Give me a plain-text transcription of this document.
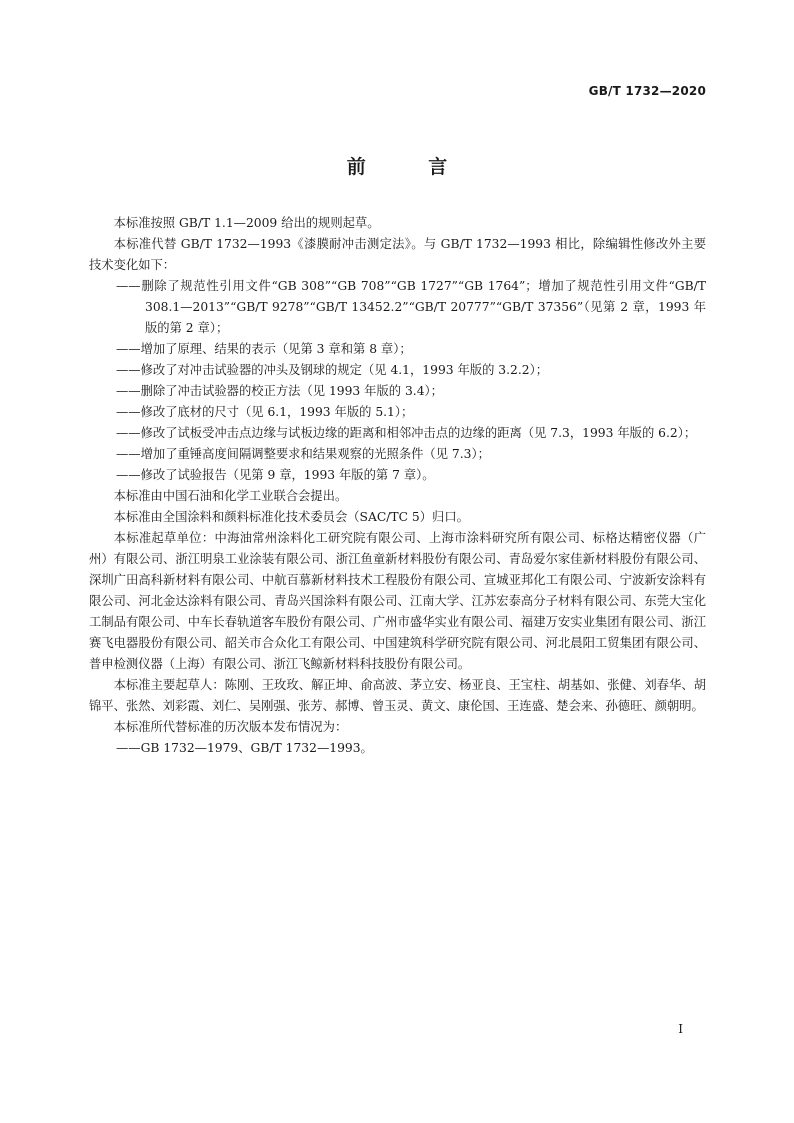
GB/T 1732—2020
前 言

本标准按照 GB/T 1.1—2009 给出的规则起草。

本标准代替 GB/T 1732—1993《漆膜耐冲击测定法》。与 GB/T 1732—1993 相比，除编辑性修改外主要技术变化如下：

——删除了规范性引用文件“GB 308”“GB 708”“GB 1727”“GB 1764”；增加了规范性引用文件“GB/T 308.1—2013”“GB/T 9278”“GB/T 13452.2”“GB/T 20777”“GB/T 37356”（见第 2 章，1993 年版的第 2 章）；

——增加了原理、结果的表示（见第 3 章和第 8 章）；

——修改了对冲击试验器的冲头及钢球的规定（见 4.1，1993 年版的 3.2.2）；

——删除了冲击试验器的校正方法（见 1993 年版的 3.4）；

——修改了底材的尺寸（见 6.1，1993 年版的 5.1）；

——修改了试板受冲击点边缘与试板边缘的距离和相邻冲击点的边缘的距离（见 7.3，1993 年版的 6.2）；

——增加了重锤高度间隔调整要求和结果观察的光照条件（见 7.3）；

——修改了试验报告（见第 9 章，1993 年版的第 7 章）。

本标准由中国石油和化学工业联合会提出。

本标准由全国涂料和颜料标准化技术委员会（SAC/TC 5）归口。

本标准起草单位：中海油常州涂料化工研究院有限公司、上海市涂料研究所有限公司、标格达精密仪器（广州）有限公司、浙江明泉工业涂装有限公司、浙江鱼童新材料股份有限公司、青岛爱尔家佳新材料股份有限公司、深圳广田高科新材料有限公司、中航百慕新材料技术工程股份有限公司、宣城亚邦化工有限公司、宁波新安涂料有限公司、河北金达涂料有限公司、青岛兴国涂料有限公司、江南大学、江苏宏泰高分子材料有限公司、东莞大宝化工制品有限公司、中车长春轨道客车股份有限公司、广州市盛华实业有限公司、福建万安实业集团有限公司、浙江赛飞电器股份有限公司、韶关市合众化工有限公司、中国建筑科学研究院有限公司、河北晨阳工贸集团有限公司、普申检测仪器（上海）有限公司、浙江飞鲸新材料科技股份有限公司。

本标准主要起草人：陈刚、王玫玫、解正坤、俞高波、茅立安、杨亚良、王宝柱、胡基如、张健、刘春华、胡锦平、张然、刘彩霞、刘仁、吴刚强、张芳、郝博、曾玉灵、黄文、康伦国、王连盛、楚会来、孙德旺、颜朝明。

本标准所代替标准的历次版本发布情况为：

——GB 1732—1979、GB/T 1732—1993。

I
